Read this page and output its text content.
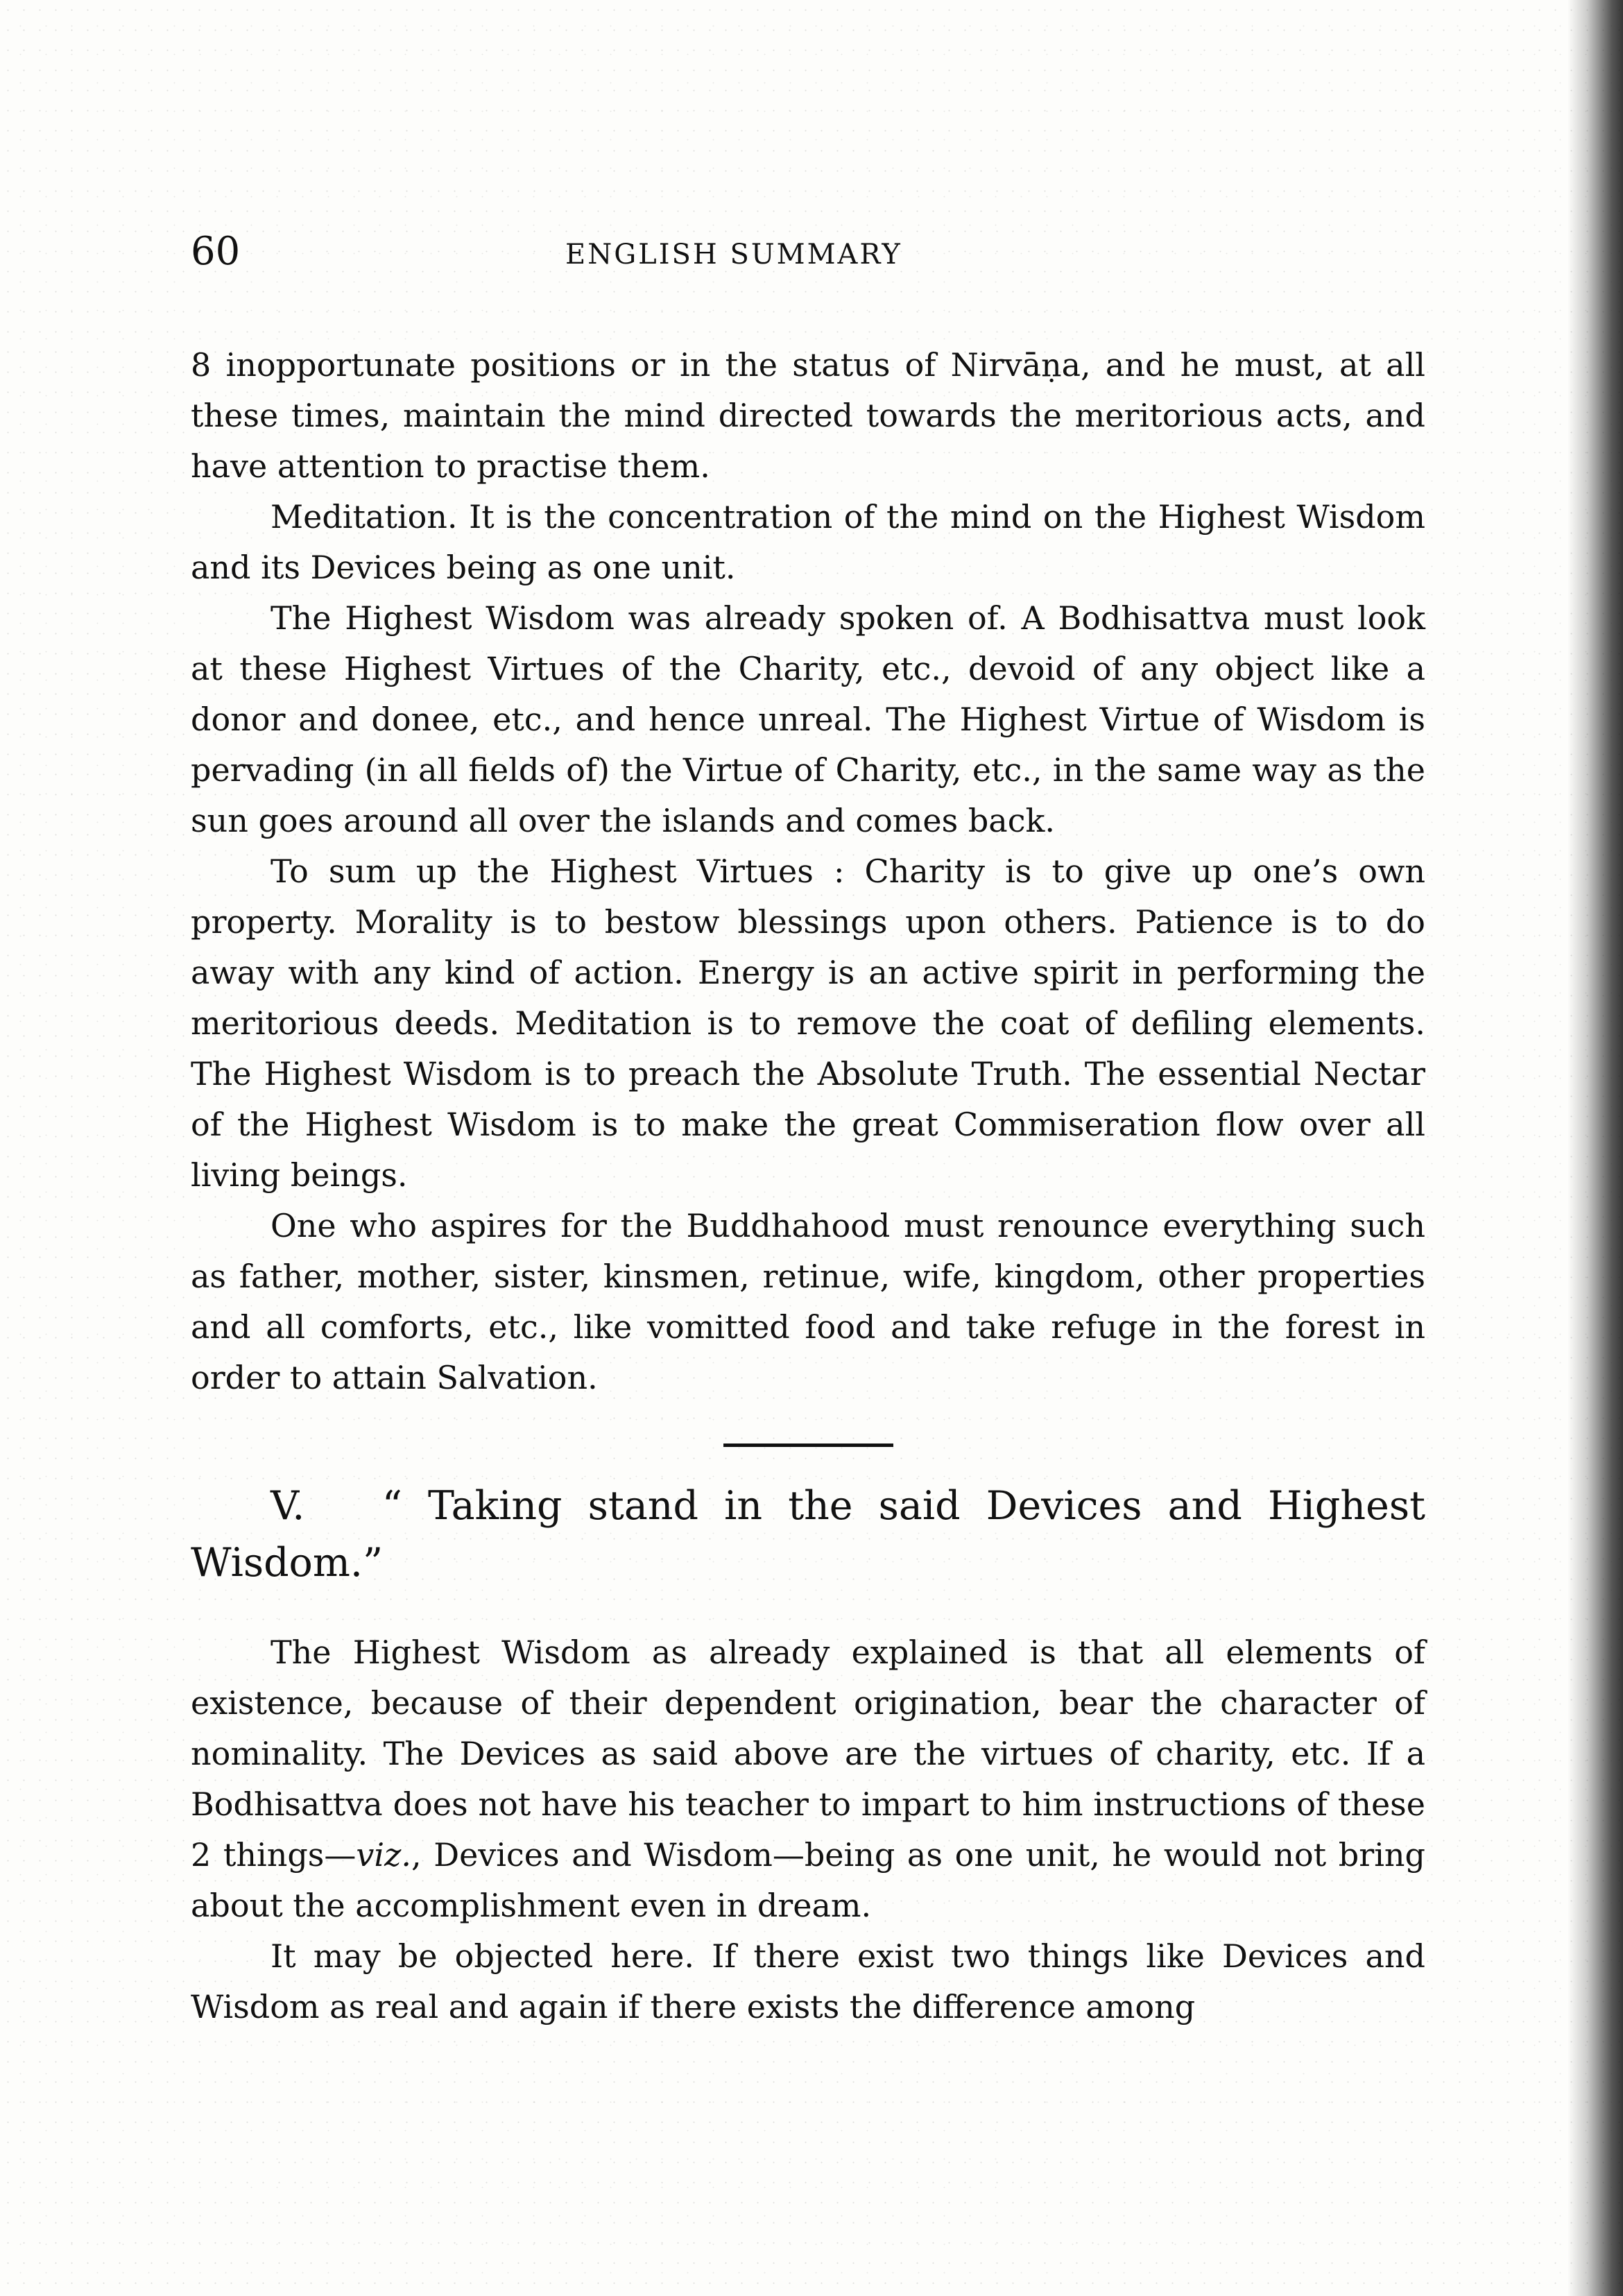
60	ENGLISH SUMMARY

8 inopportunate positions or in the status of Nirvāṇa, and he must, at all these times, maintain the mind directed towards the meritorious acts, and have attention to practise them.

Meditation. It is the concentration of the mind on the Highest Wisdom and its Devices being as one unit.

The Highest Wisdom was already spoken of. A Bodhisattva must look at these Highest Virtues of the Charity, etc., devoid of any object like a donor and donee, etc., and hence unreal. The Highest Virtue of Wisdom is pervading (in all fields of) the Virtue of Charity, etc., in the same way as the sun goes around all over the islands and comes back.

To sum up the Highest Virtues : Charity is to give up one’s own property. Morality is to bestow blessings upon others. Patience is to do away with any kind of action. Energy is an active spirit in performing the meritorious deeds. Meditation is to remove the coat of defiling elements. The Highest Wisdom is to preach the Absolute Truth. The essential Nectar of the Highest Wisdom is to make the great Commiseration flow over all living beings.

One who aspires for the Buddhahood must renounce everything such as father, mother, sister, kinsmen, retinue, wife, kingdom, other properties and all comforts, etc., like vomitted food and take refuge in the forest in order to attain Salvation.

V. “ Taking stand in the said Devices and Highest Wisdom.”

The Highest Wisdom as already explained is that all elements of existence, because of their dependent origination, bear the character of nominality. The Devices as said above are the virtues of charity, etc. If a Bodhisattva does not have his teacher to impart to him instructions of these 2 things—viz., Devices and Wisdom—being as one unit, he would not bring about the accomplishment even in dream.

It may be objected here. If there exist two things like Devices and Wisdom as real and again if there exists the difference among
